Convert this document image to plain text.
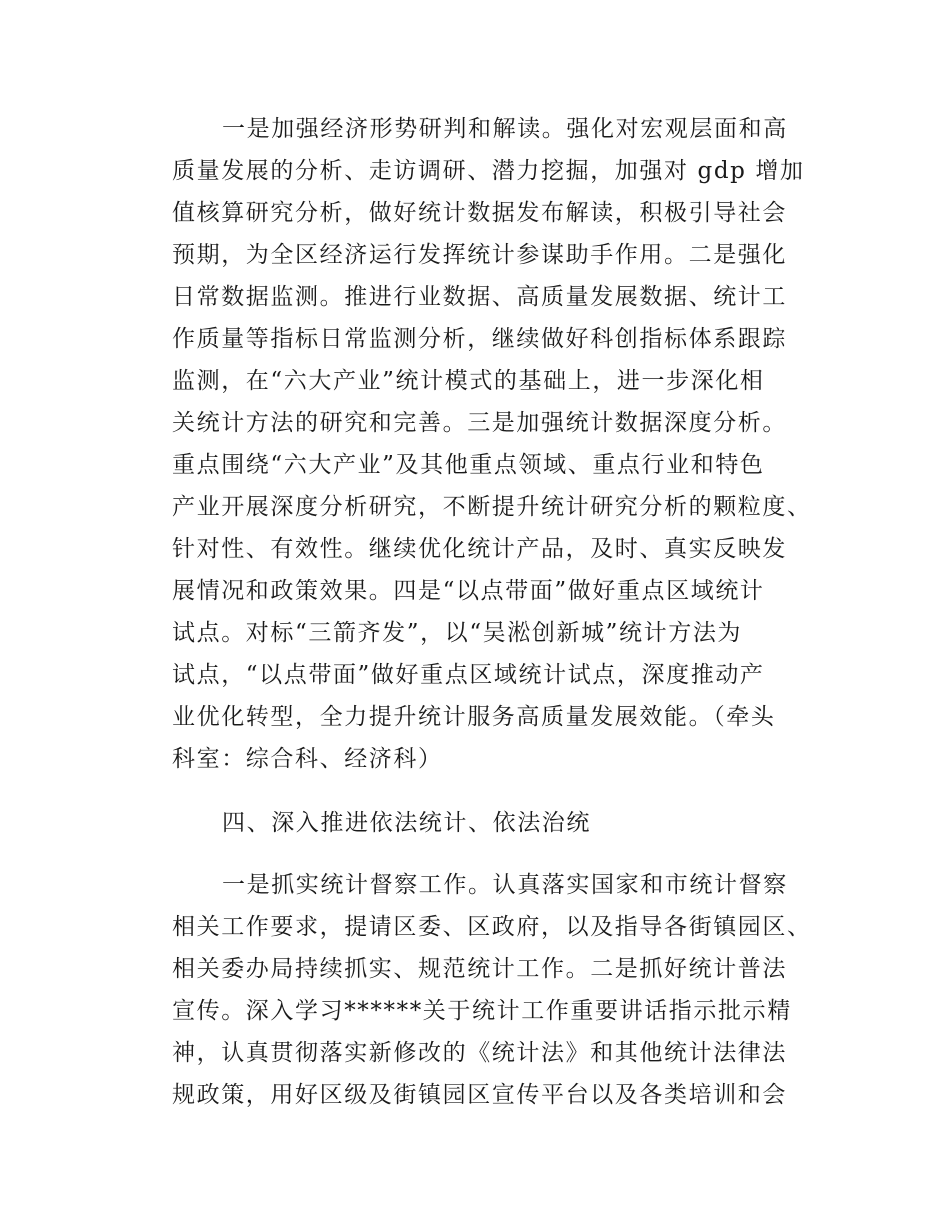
一是加强经济形势研判和解读。强化对宏观层面和高
质量发展的分析、走访调研、潜力挖掘，加强对 gdp 增加
值核算研究分析，做好统计数据发布解读，积极引导社会
预期，为全区经济运行发挥统计参谋助手作用。二是强化
日常数据监测。推进行业数据、高质量发展数据、统计工
作质量等指标日常监测分析，继续做好科创指标体系跟踪
监测，在“六大产业”统计模式的基础上，进一步深化相
关统计方法的研究和完善。三是加强统计数据深度分析。
重点围绕“六大产业”及其他重点领域、重点行业和特色
产业开展深度分析研究，不断提升统计研究分析的颗粒度、
针对性、有效性。继续优化统计产品，及时、真实反映发
展情况和政策效果。四是“以点带面”做好重点区域统计
试点。对标“三箭齐发”，以“吴淞创新城”统计方法为
试点，“以点带面”做好重点区域统计试点，深度推动产
业优化转型，全力提升统计服务高质量发展效能。（牵头
科室：综合科、经济科）
四、深入推进依法统计、依法治统
一是抓实统计督察工作。认真落实国家和市统计督察
相关工作要求，提请区委、区政府，以及指导各街镇园区、
相关委办局持续抓实、规范统计工作。二是抓好统计普法
宣传。深入学习******关于统计工作重要讲话指示批示精
神，认真贯彻落实新修改的《统计法》和其他统计法律法
规政策，用好区级及街镇园区宣传平台以及各类培训和会
